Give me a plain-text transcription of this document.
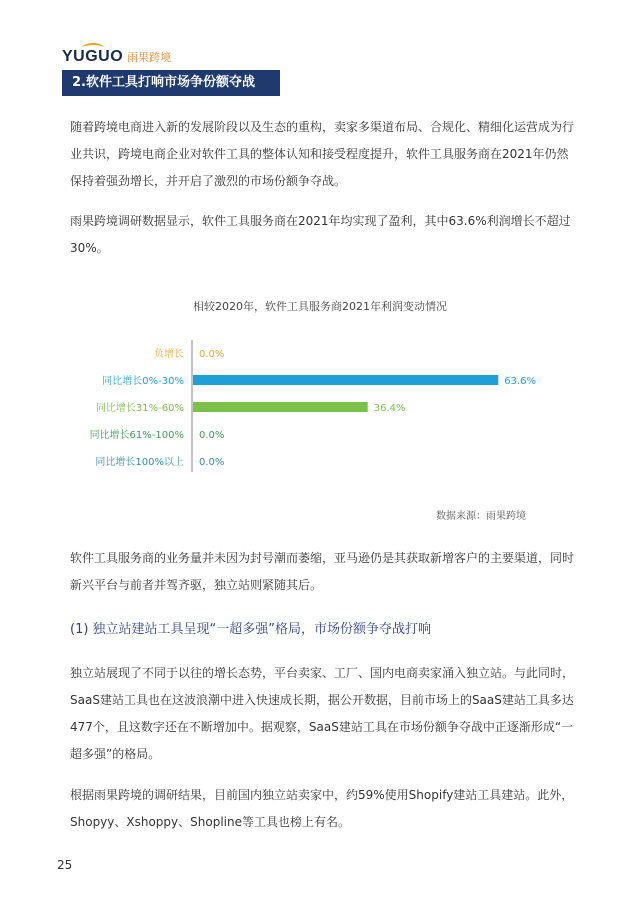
YUGUO 雨果跨境
2.软件工具打响市场争份额夺战

随着跨境电商进入新的发展阶段以及生态的重构，卖家多渠道布局、合规化、精细化运营成为行业共识，跨境电商企业对软件工具的整体认知和接受程度提升，软件工具服务商在2021年仍然保持着强劲增长，并开启了激烈的市场份额争夺战。

雨果跨境调研数据显示，软件工具服务商在2021年均实现了盈利，其中63.6%利润增长不超过30%。

相较2020年，软件工具服务商2021年利润变动情况
负增长 0.0%
同比增长0%-30%	63.6%
同比增长31%-60%	36.4%
同比增长61%-100% 0.0%
同比增长100%以上 0.0%
数据来源：雨果跨境

软件工具服务商的业务量并未因为封号潮而萎缩，亚马逊仍是其获取新增客户的主要渠道，同时新兴平台与前者并驾齐驱，独立站则紧随其后。

(1) 独立站建站工具呈现“一超多强”格局，市场份额争夺战打响

独立站展现了不同于以往的增长态势，平台卖家、工厂、国内电商卖家涌入独立站。与此同时，SaaS建站工具也在这波浪潮中进入快速成长期，据公开数据，目前市场上的SaaS建站工具多达477个，且这数字还在不断增加中。据观察，SaaS建站工具在市场份额争夺战中正逐渐形成“一超多强”的格局。

根据雨果跨境的调研结果，目前国内独立站卖家中，约59%使用Shopify建站工具建站。此外，Shopyy、Xshoppy、Shopline等工具也榜上有名。

25
